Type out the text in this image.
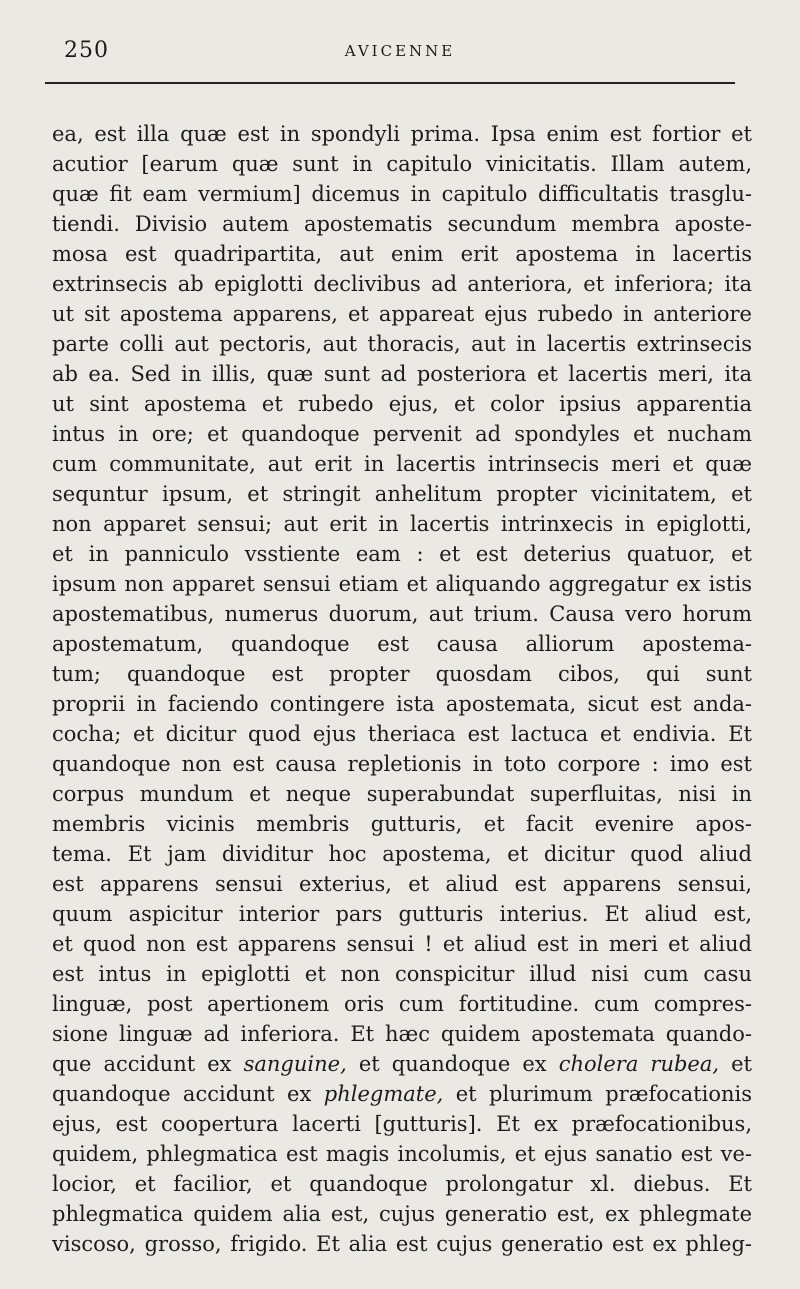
250	AVICENNE
ea, est illa quæ est in spondyli prima. Ipsa enim est fortior et
acutior [earum quæ sunt in capitulo vinicitatis. Illam autem,
quæ fit eam vermium] dicemus in capitulo difficultatis trasglu-
tiendi. Divisio autem apostematis secundum membra aposte-
mosa est quadripartita, aut enim erit apostema in lacertis
extrinsecis ab epiglotti declivibus ad anteriora, et inferiora; ita
ut sit apostema apparens, et appareat ejus rubedo in anteriore
parte colli aut pectoris, aut thoracis, aut in lacertis extrinsecis
ab ea. Sed in illis, quæ sunt ad posteriora et lacertis meri, ita
ut sint apostema et rubedo ejus, et color ipsius apparentia
intus in ore; et quandoque pervenit ad spondyles et nucham
cum communitate, aut erit in lacertis intrinsecis meri et quæ
sequntur ipsum, et stringit anhelitum propter vicinitatem, et
non apparet sensui; aut erit in lacertis intrinxecis in epiglotti,
et in panniculo vsstiente eam : et est deterius quatuor, et
ipsum non apparet sensui etiam et aliquando aggregatur ex istis
apostematibus, numerus duorum, aut trium. Causa vero horum
apostematum, quandoque est causa alliorum apostema-
tum; quandoque est propter quosdam cibos, qui sunt
proprii in faciendo contingere ista apostemata, sicut est anda-
cocha; et dicitur quod ejus theriaca est lactuca et endivia. Et
quandoque non est causa repletionis in toto corpore : imo est
corpus mundum et neque superabundat superfluitas, nisi in
membris vicinis membris gutturis, et facit evenire apos-
tema. Et jam dividitur hoc apostema, et dicitur quod aliud
est apparens sensui exterius, et aliud est apparens sensui,
quum aspicitur interior pars gutturis interius. Et aliud est,
et quod non est apparens sensui ! et aliud est in meri et aliud
est intus in epiglotti et non conspicitur illud nisi cum casu
linguæ, post apertionem oris cum fortitudine. cum compres-
sione linguæ ad inferiora. Et hæc quidem apostemata quando-
que accidunt ex sanguine, et quandoque ex cholera rubea, et
quandoque accidunt ex phlegmate, et plurimum præfocationis
ejus, est coopertura lacerti [gutturis]. Et ex præfocationibus,
quidem, phlegmatica est magis incolumis, et ejus sanatio est ve-
locior, et facilior, et quandoque prolongatur xl. diebus. Et
phlegmatica quidem alia est, cujus generatio est, ex phlegmate
viscoso, grosso, frigido. Et alia est cujus generatio est ex phleg-
